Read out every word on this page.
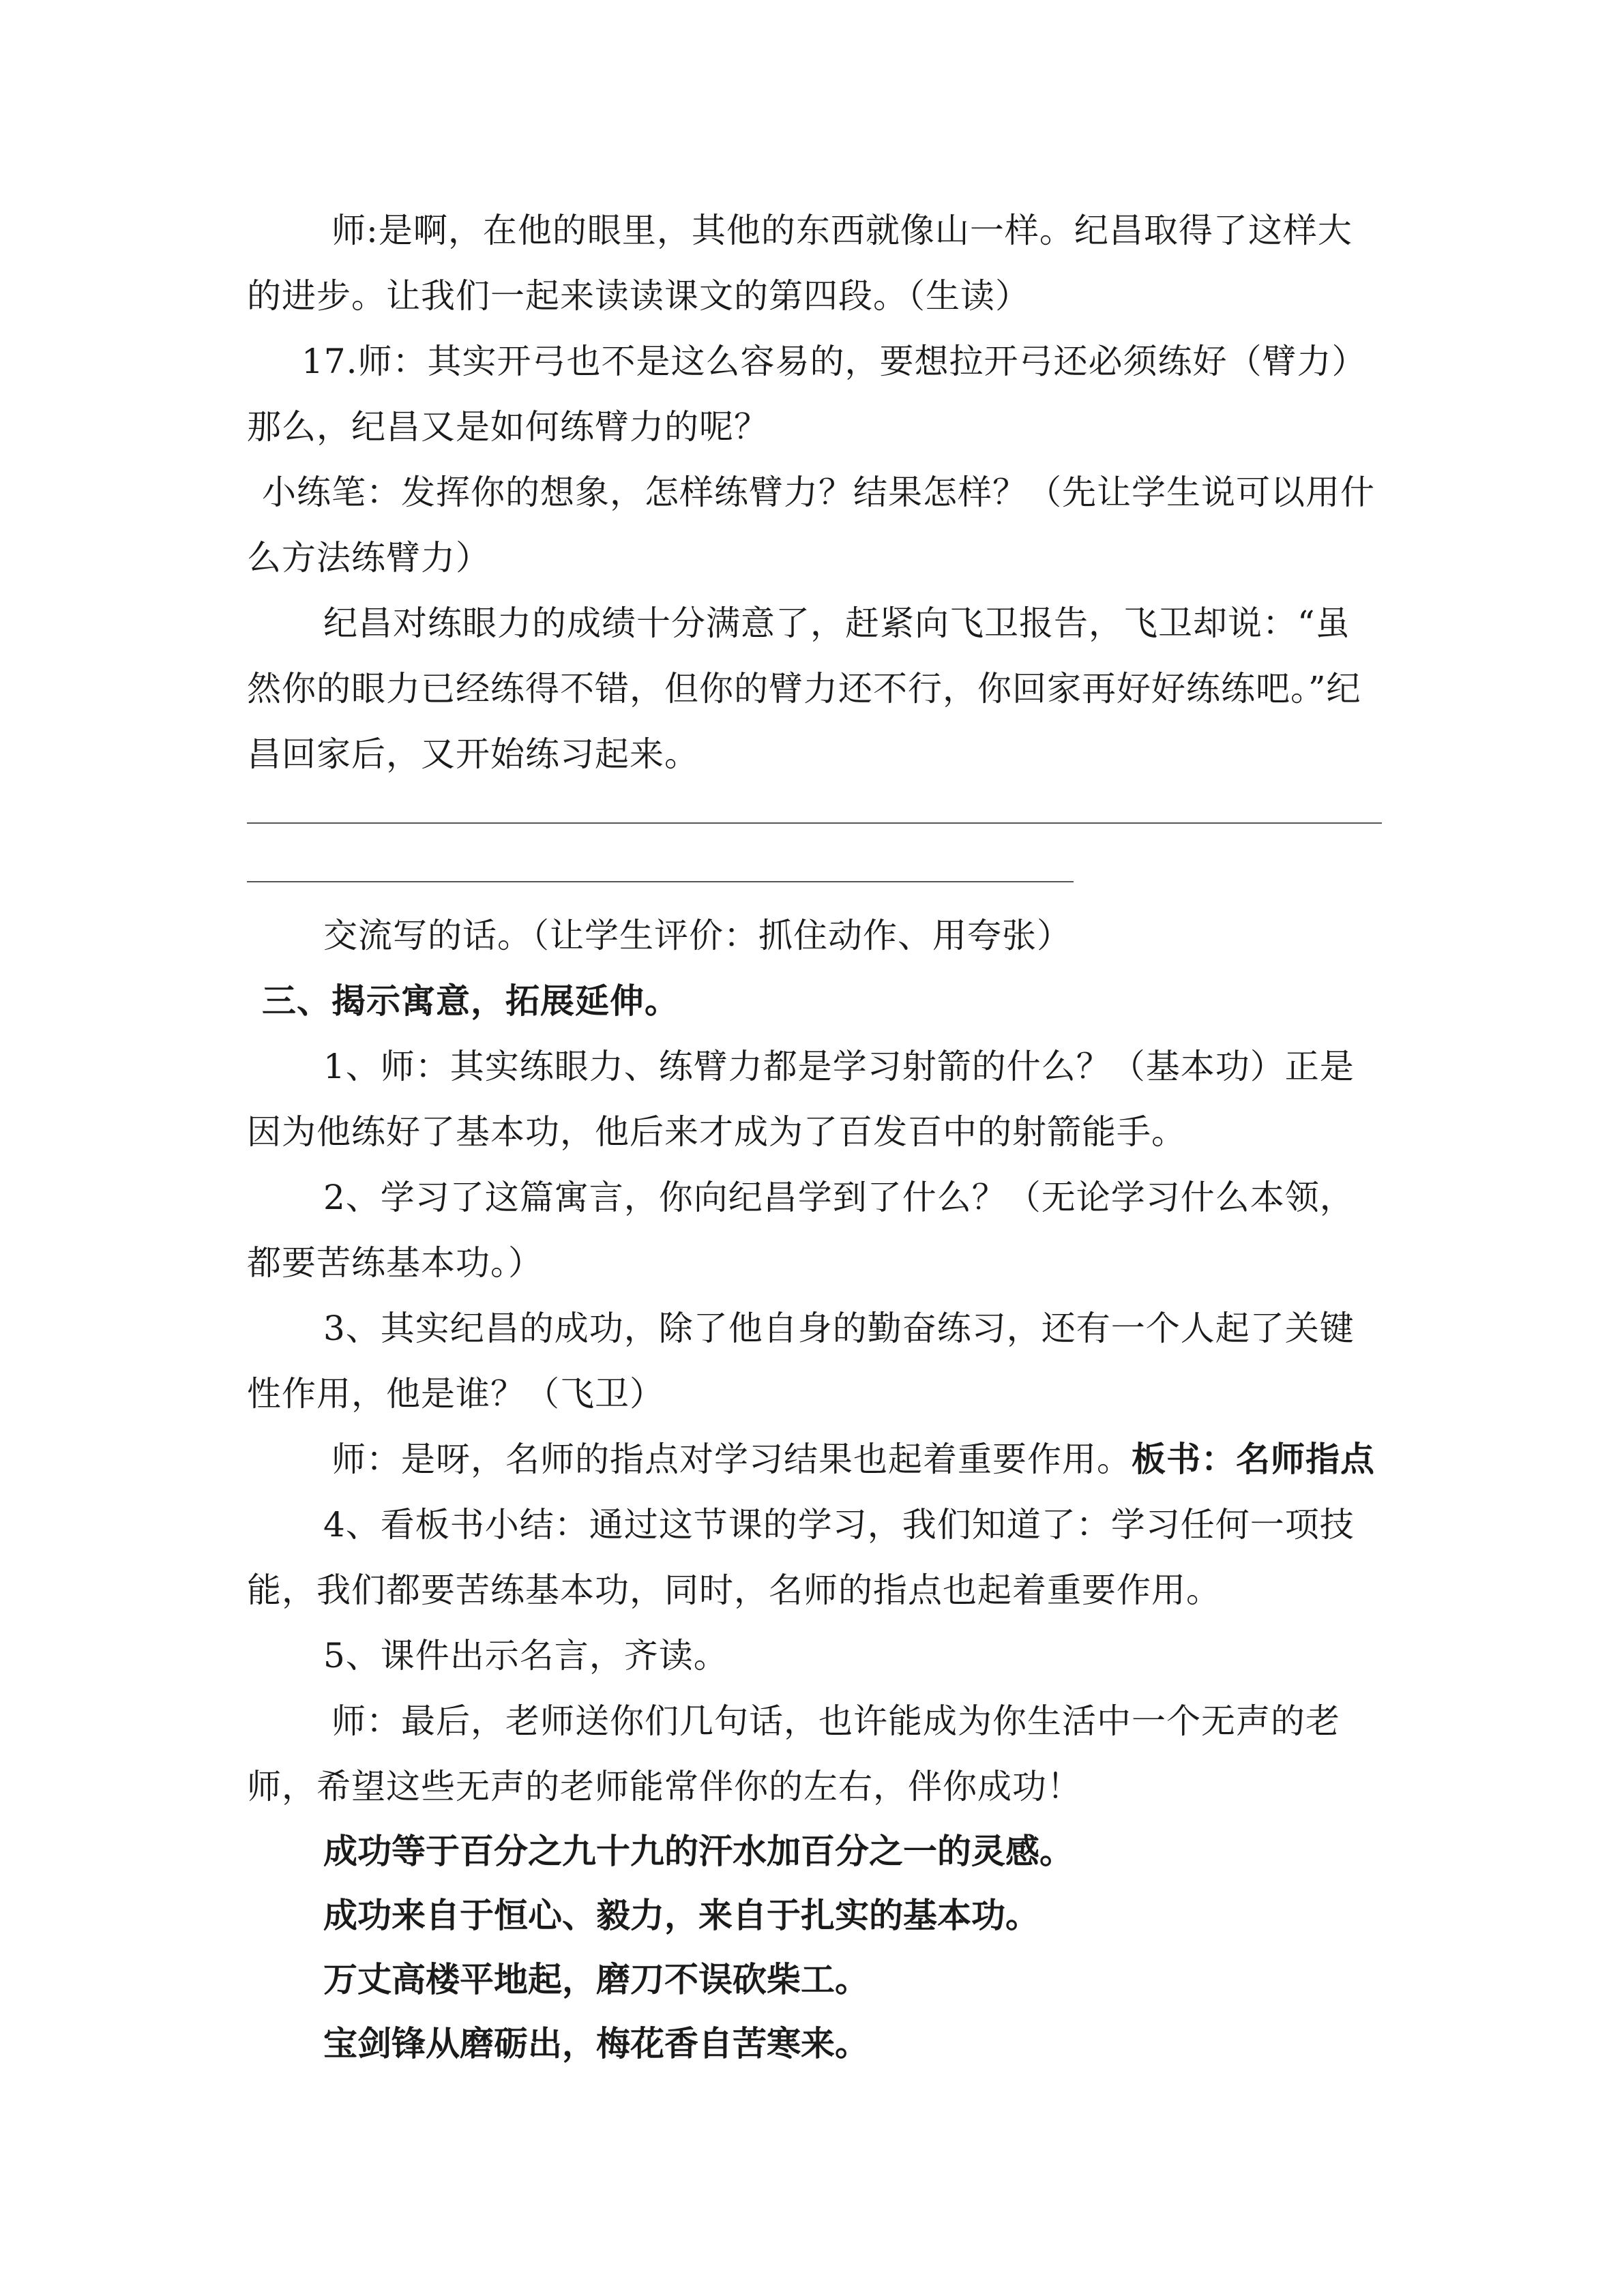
师:是啊，在他的眼里，其他的东西就像山一样。纪昌取得了这样大的进步。让我们一起来读读课文的第四段。（生读）

17.师：其实开弓也不是这么容易的，要想拉开弓还必须练好（臂力）那么，纪昌又是如何练臂力的呢？

小练笔：发挥你的想象，怎样练臂力？结果怎样？（先让学生说可以用什么方法练臂力）

纪昌对练眼力的成绩十分满意了，赶紧向飞卫报告，飞卫却说：“虽然你的眼力已经练得不错，但你的臂力还不行，你回家再好好练练吧。”纪昌回家后，又开始练习起来。

交流写的话。（让学生评价：抓住动作、用夸张）

三、揭示寓意，拓展延伸。

1、师：其实练眼力、练臂力都是学习射箭的什么？（基本功）正是因为他练好了基本功，他后来才成为了百发百中的射箭能手。

2、学习了这篇寓言，你向纪昌学到了什么？（无论学习什么本领，都要苦练基本功。）

3、其实纪昌的成功，除了他自身的勤奋练习，还有一个人起了关键性作用，他是谁？（飞卫）

师：是呀，名师的指点对学习结果也起着重要作用。板书：名师指点

4、看板书小结：通过这节课的学习，我们知道了：学习任何一项技能，我们都要苦练基本功，同时，名师的指点也起着重要作用。

5、课件出示名言，齐读。

师：最后，老师送你们几句话，也许能成为你生活中一个无声的老师，希望这些无声的老师能常伴你的左右，伴你成功！

成功等于百分之九十九的汗水加百分之一的灵感。

成功来自于恒心、毅力，来自于扎实的基本功。

万丈高楼平地起，磨刀不误砍柴工。

宝剑锋从磨砺出，梅花香自苦寒来。
